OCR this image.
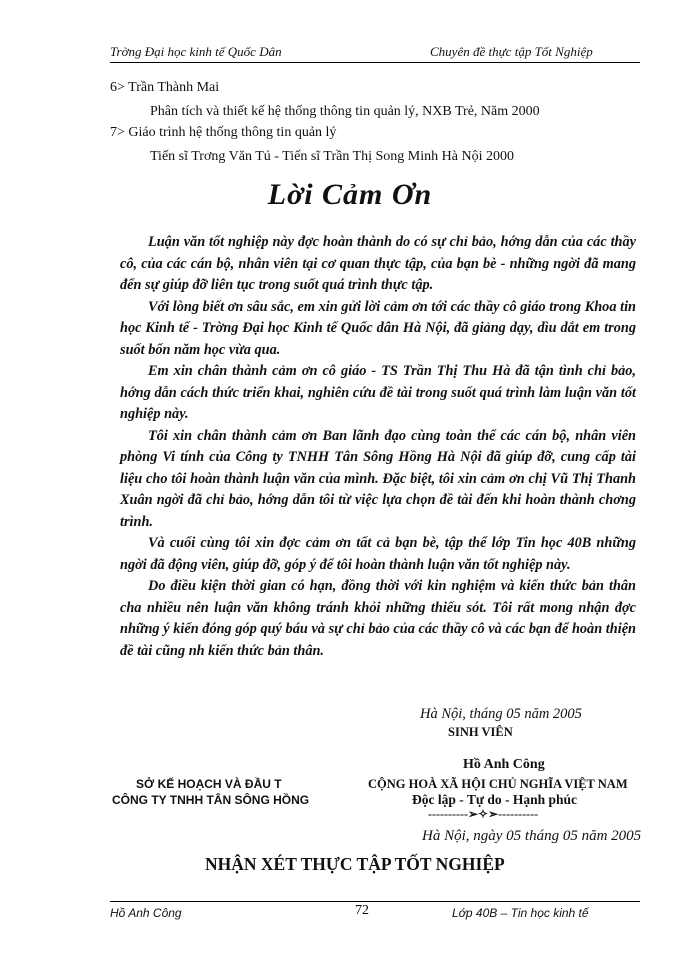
Trờng Đại học kinh tế Quốc Dân	Chuyên đề thực tập Tốt Nghiệp
6> Trần Thành Mai
Phân tích và thiết kế hệ thống thông tin quản lý, NXB Trẻ, Năm 2000
7> Giáo trình hệ thống thông tin quản lý
Tiến sĩ Trơng Văn Tú - Tiến sĩ Trần Thị Song Minh Hà Nội 2000
Lời Cảm Ơn

Luận văn tốt nghiệp này đợc hoàn thành do có sự chỉ bảo, hớng dẫn của các thầy cô, của các cán bộ, nhân viên tại cơ quan thực tập, của bạn bè - những ngời đã mang đến sự giúp đỡ liên tục trong suốt quá trình thực tập.

Với lòng biết ơn sâu sắc, em xin gửi lời cảm ơn tới các thầy cô giáo trong Khoa tin học Kinh tế - Trờng Đại học Kinh tế Quốc dân Hà Nội, đã giảng dạy, dìu dắt em trong suốt bốn năm học vừa qua.

Em xin chân thành cảm ơn cô giáo - TS Trần Thị Thu Hà đã tận tình chỉ bảo, hớng dẫn cách thức triển khai, nghiên cứu đề tài trong suốt quá trình làm luận văn tốt nghiệp này.

Tôi xin chân thành cảm ơn Ban lãnh đạo cùng toàn thể các cán bộ, nhân viên phòng Vi tính của Công ty TNHH Tân Sông Hồng Hà Nội đã giúp đỡ, cung cấp tài liệu cho tôi hoàn thành luận văn của mình. Đặc biệt, tôi xin cảm ơn chị Vũ Thị Thanh Xuân ngời đã chỉ bảo, hớng dẫn tôi từ việc lựa chọn đề tài đến khi hoàn thành chơng trình.

Và cuối cùng tôi xin đợc cảm ơn tất cả bạn bè, tập thể lớp Tin học 40B những ngời đã động viên, giúp đỡ, góp ý để tôi hoàn thành luận văn tốt nghiệp này.

Do điều kiện thời gian có hạn, đồng thời với kin nghiệm và kiến thức bản thân cha nhiều nên luận văn không tránh khỏi những thiếu sót. Tôi rất mong nhận đợc những ý kiến đóng góp quý báu và sự chỉ bảo của các thầy cô và các bạn để hoàn thiện đề tài cũng nh kiến thức bản thân.

Hà Nội, tháng 05 năm 2005
SINH VIÊN
Hồ Anh Công
SỞ KẾ HOẠCH VÀ ĐẦU T
CÔNG TY TNHH TÂN SÔNG HỒNG
CỘNG HOÀ XÃ HỘI CHỦ NGHĨA VIỆT NAM
Độc lập - Tự do - Hạnh phúc
----------➢✧➣----------
Hà Nội, ngày 05 tháng 05 năm 2005
NHẬN XÉT THỰC TẬP TỐT NGHIỆP
Hồ Anh Công	72	Lớp 40B – Tin học kinh tế
